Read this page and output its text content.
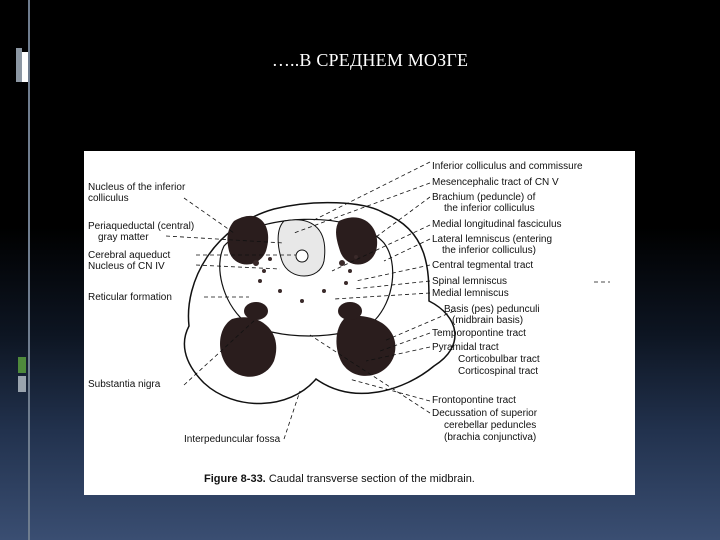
…..В СРЕДНЕМ МОЗГЕ
Nucleus of the inferior
colliculus
Periaqueductal (central)
gray matter
Cerebral aqueduct
Nucleus of CN IV
Reticular formation
Substantia nigra
Interpeduncular fossa
Inferior colliculus and commissure
Mesencephalic tract of CN V
Brachium (peduncle) of
the inferior colliculus
Medial longitudinal fasciculus
Lateral lemniscus (entering
the inferior colliculus)
Central tegmental tract
Spinal lemniscus
Medial lemniscus
Basis (pes) pedunculi
(midbrain basis)
Temporopontine tract
Pyramidal tract
Corticobulbar tract
Corticospinal tract
Frontopontine tract
Decussation of superior
cerebellar peduncles
(brachia conjunctiva)
Figure 8-33. Caudal transverse section of the midbrain.
